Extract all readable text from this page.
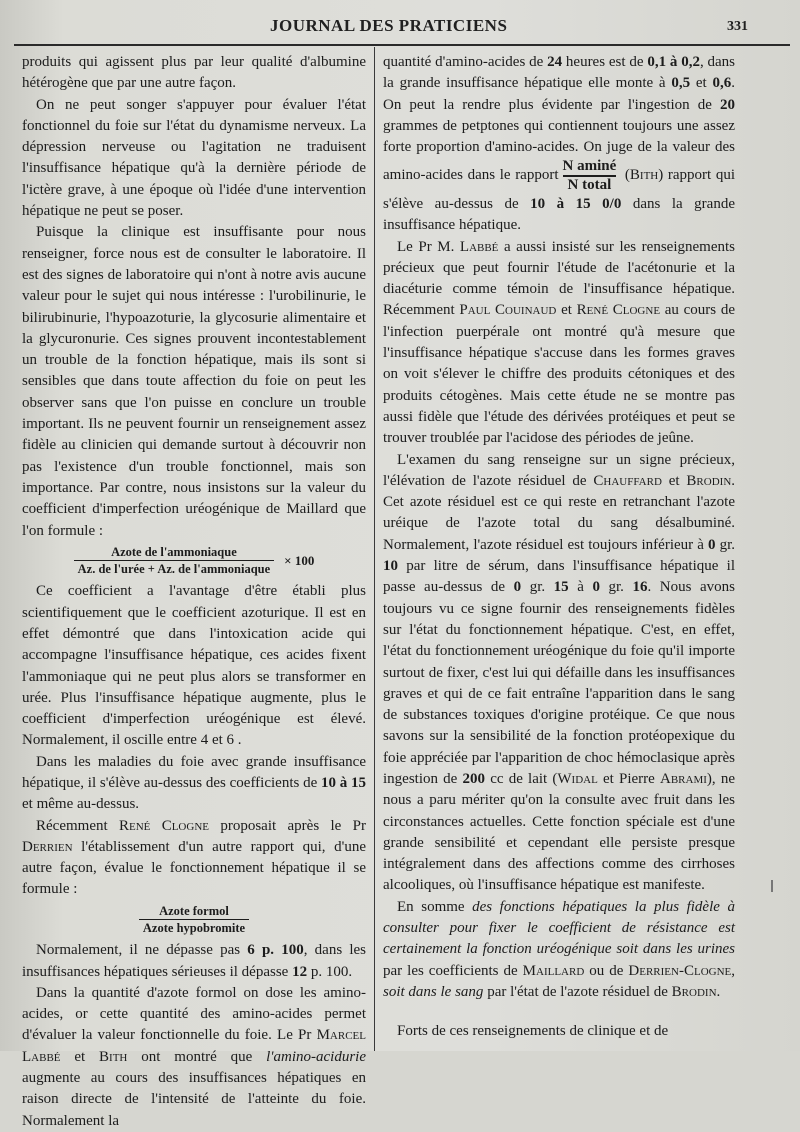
JOURNAL DES PRATICIENS	331

produits qui agissent plus par leur qualité d'albumine hétérogène que par une autre façon.

On ne peut songer s'appuyer pour évaluer l'état fonctionnel du foie sur l'état du dynamisme nerveux. La dépression nerveuse ou l'agitation ne traduisent l'insuffisance hépatique qu'à la dernière période de l'ictère grave, à une époque où l'idée d'une intervention hépatique ne peut se poser.

Puisque la clinique est insuffisante pour nous renseigner, force nous est de consulter le laboratoire. Il est des signes de laboratoire qui n'ont à notre avis aucune valeur pour le sujet qui nous intéresse : l'urobilinurie, le bilirubinurie, l'hypoazoturie, la glycosurie alimentaire et la glycuronurie. Ces signes prouvent incontestablement un trouble de la fonction hépatique, mais ils sont si sensibles que dans toute affection du foie on peut les observer sans que l'on puisse en conclure un trouble important. Ils ne peuvent fournir un renseignement assez fidèle au clinicien qui demande surtout à découvrir non pas l'existence d'un trouble fonctionnel, mais son importance. Par contre, nous insistons sur la valeur du coefficient d'imperfection uréogénique de Maillard que l'on formule :

$\frac{\text{Azote de l'ammoniaque}}{\text{Az. de l'urée + Az. de l'ammoniaque}} \times 100$

Ce coefficient a l'avantage d'être établi plus scientifiquement que le coefficient azoturique. Il est en effet démontré que dans l'intoxication acide qui accompagne l'insuffisance hépatique, ces acides fixent l'ammoniaque qui ne peut plus alors se transformer en urée. Plus l'insuffisance hépatique augmente, plus le coefficient d'imperfection uréogénique est élevé. Normalement, il oscille entre 4 et 6 .

Dans les maladies du foie avec grande insuffisance hépatique, il s'élève au-dessus des coefficients de 10 à 15 et même au-dessus.

Récemment René Clogne proposait après le Pr Derrien l'établissement d'un autre rapport qui, d'une autre façon, évalue le fonctionnement hépatique il se formule :

$\frac{\text{Azote formol}}{\text{Azote hypobromite}}$

Normalement, il ne dépasse pas 6 p. 100, dans les insuffisances hépatiques sérieuses il dépasse 12 p. 100.

Dans la quantité d'azote formol on dose les amino-acides, or cette quantité des amino-acides permet d'évaluer la valeur fonctionnelle du foie. Le Pr Marcel Labbé et Bith ont montré que l'amino-acidurie augmente au cours des insuffisances hépatiques en raison directe de l'intensité de l'atteinte du foie. Normalement la

quantité d'amino-acides de 24 heures est de 0,1 à 0,2, dans la grande insuffisance hépatique elle monte à 0,5 et 0,6. On peut la rendre plus évidente par l'ingestion de 20 grammes de petptones qui contiennent toujours une assez forte proportion d'amino-acides. On juge de la valeur des amino-acides dans le rapport $\frac{\text{N aminé}}{\text{N total}}$ (Bith) rapport qui s'élève au-dessus de 10 à 15 0/0 dans la grande insuffisance hépatique.

Le Pr M. Labbé a aussi insisté sur les renseignements précieux que peut fournir l'étude de l'acétonurie et la diacéturie comme témoin de l'insuffisance hépatique. Récemment Paul Couinaud et René Clogne au cours de l'infection puerpérale ont montré qu'à mesure que l'insuffisance hépatique s'accuse dans les formes graves on voit s'élever le chiffre des produits cétoniques et des produits cétogènes. Mais cette étude ne se montre pas aussi fidèle que l'étude des dérivées protéiques et peut se trouver troublée par l'acidose des périodes de jeûne.

L'examen du sang renseigne sur un signe précieux, l'élévation de l'azote résiduel de Chauffard et Brodin. Cet azote résiduel est ce qui reste en retranchant l'azote uréique de l'azote total du sang désalbuminé. Normalement, l'azote résiduel est toujours inférieur à 0 gr. 10 par litre de sérum, dans l'insuffisance hépatique il passe au-dessus de 0 gr. 15 à 0 gr. 16. Nous avons toujours vu ce signe fournir des renseignements fidèles sur l'état du fonctionnement hépatique. C'est, en effet, l'état du fonctionnement uréogénique du foie qu'il importe surtout de fixer, c'est lui qui défaille dans les insuffisances graves et qui de ce fait entraîne l'apparition dans le sang de substances toxiques d'origine protéique. Ce que nous savons sur la sensibilité de la fonction protéopexique du foie appréciée par l'apparition de choc hémoclasique après ingestion de 200 cc de lait (Widal et Pierre Abrami), ne nous a paru mériter qu'on la consulte avec fruit dans les circonstances actuelles. Cette fonction spéciale est d'une grande sensibilité et cependant elle persiste presque intégralement dans des affections comme des cirrhoses alcooliques, où l'insuffisance hépatique est manifeste.

En somme des fonctions hépatiques la plus fidèle à consulter pour fixer le coefficient de résistance est certainement la fonction uréogénique soit dans les urines par les coefficients de Maillard ou de Derrien-Clogne, soit dans le sang par l'état de l'azote résiduel de Brodin.

Forts de ces renseignements de clinique et de
